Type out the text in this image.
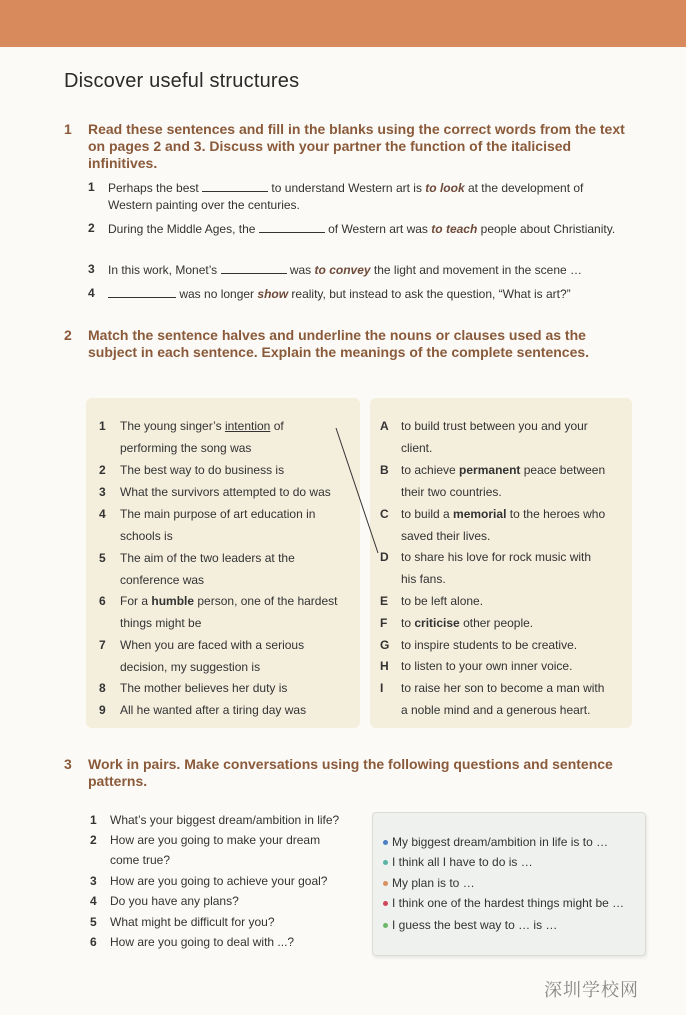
Discover useful structures
1	Read these sentences and fill in the blanks using the correct words from the text on pages 2 and 3. Discuss with your partner the function of the italicised infinitives.
1 Perhaps the best	to understand Western art is to look at the development of Western painting over the centuries.
2 During the Middle Ages, the	of Western art was to teach people about Christianity.
3 In this work, Monet’s	was to convey the light and movement in the scene …
4	was no longer show reality, but instead to ask the question, “What is art?”
2	Match the sentence halves and underline the nouns or clauses used as the subject in each sentence. Explain the meanings of the complete sentences.
1 The young singer’s intention of
performing the song was
2 The best way to do business is
3 What the survivors attempted to do was
4 The main purpose of art education in
schools is
5 The aim of the two leaders at the
conference was
6 For a humble person, one of the hardest
things might be
7 When you are faced with a serious
decision, my suggestion is
8 The mother believes her duty is
9 All he wanted after a tiring day was
A to build trust between you and your
client.
B to achieve permanent peace between
their two countries.
C to build a memorial to the heroes who
saved their lives.
D to share his love for rock music with
his fans.
E to be left alone.
F to criticise other people.
G to inspire students to be creative.
H to listen to your own inner voice.
I to raise her son to become a man with
a noble mind and a generous heart.
3	Work in pairs. Make conversations using the following questions and sentence patterns.
1 What’s your biggest dream/ambition in life?
2 How are you going to make your dream come true?
3 How are you going to achieve your goal?
4 Do you have any plans?
5 What might be difficult for you?
6 How are you going to deal with ...?
My biggest dream/ambition in life is to …
I think all I have to do is …
My plan is to …
I think one of the hardest things might be …
I guess the best way to … is …
深圳学校网
